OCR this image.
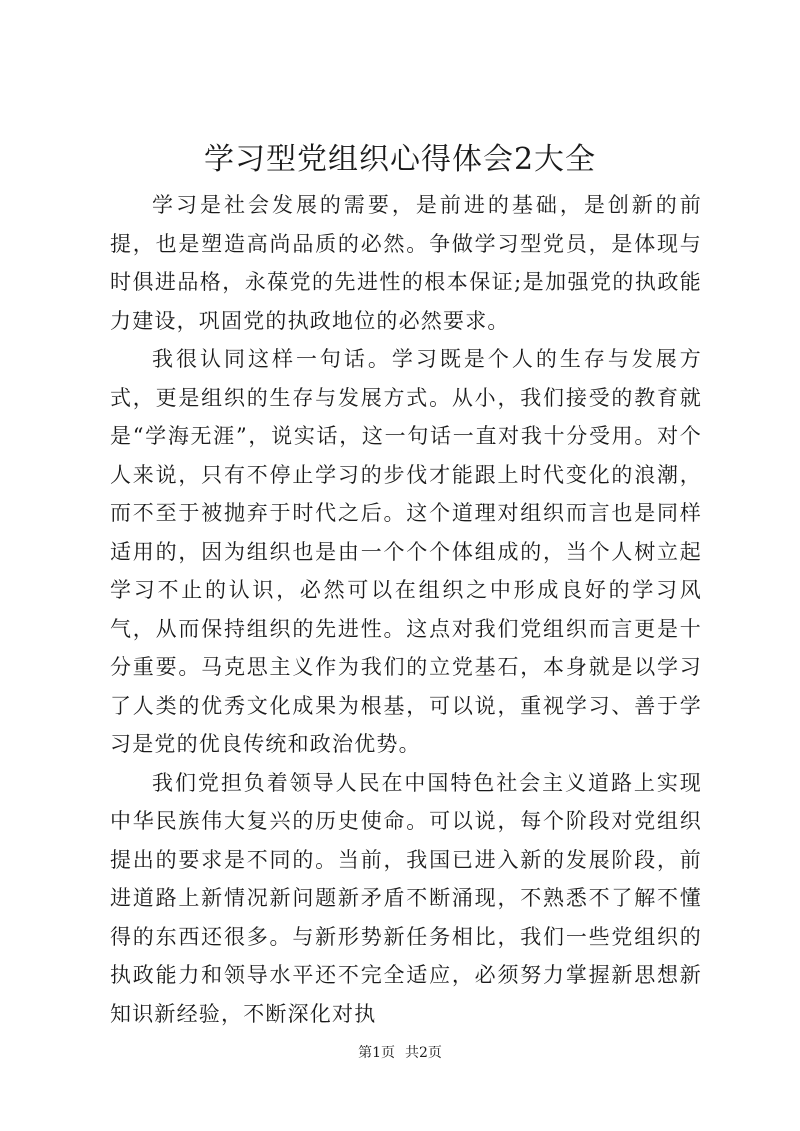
学习型党组织心得体会2大全

学习是社会发展的需要，是前进的基础，是创新的前提，也是塑造高尚品质的必然。争做学习型党员，是体现与时俱进品格，永葆党的先进性的根本保证;是加强党的执政能力建设，巩固党的执政地位的必然要求。

我很认同这样一句话。学习既是个人的生存与发展方式，更是组织的生存与发展方式。从小，我们接受的教育就是“学海无涯”，说实话，这一句话一直对我十分受用。对个人来说，只有不停止学习的步伐才能跟上时代变化的浪潮，而不至于被抛弃于时代之后。这个道理对组织而言也是同样适用的，因为组织也是由一个个个体组成的，当个人树立起学习不止的认识，必然可以在组织之中形成良好的学习风气，从而保持组织的先进性。这点对我们党组织而言更是十分重要。马克思主义作为我们的立党基石，本身就是以学习了人类的优秀文化成果为根基，可以说，重视学习、善于学习是党的优良传统和政治优势。

我们党担负着领导人民在中国特色社会主义道路上实现中华民族伟大复兴的历史使命。可以说，每个阶段对党组织提出的要求是不同的。当前，我国已进入新的发展阶段，前进道路上新情况新问题新矛盾不断涌现，不熟悉不了解不懂得的东西还很多。与新形势新任务相比，我们一些党组织的执政能力和领导水平还不完全适应，必须努力掌握新思想新知识新经验，不断深化对执

第1页 共2页
